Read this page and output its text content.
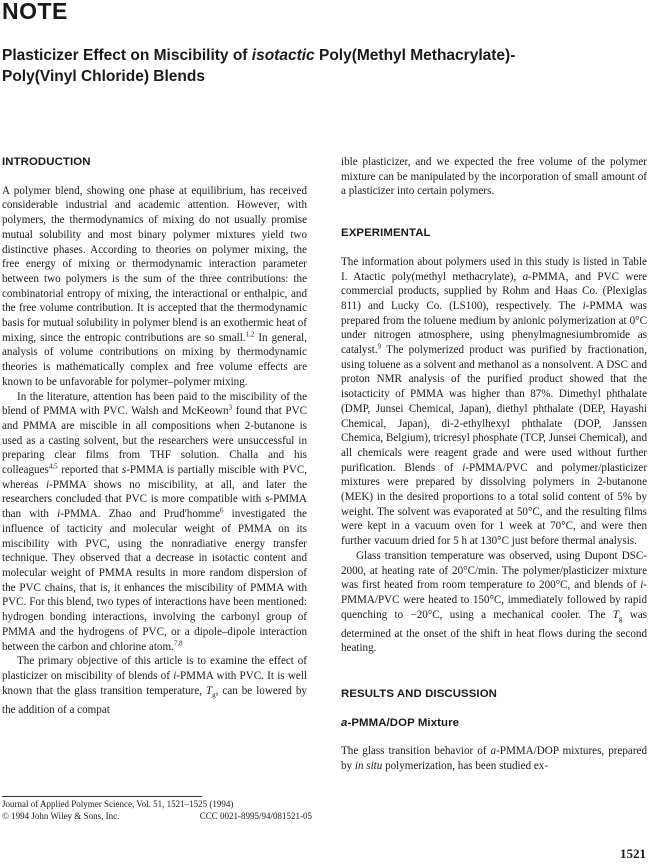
NOTE
Plasticizer Effect on Miscibility of isotactic Poly(Methyl Methacrylate)-
Poly(Vinyl Chloride) Blends
INTRODUCTION

A polymer blend, showing one phase at equilibrium, has received considerable industrial and academic attention. However, with polymers, the thermodynamics of mixing do not usually promise mutual solubility and most binary polymer mixtures yield two distinctive phases. According to theories on polymer mixing, the free energy of mixing or thermodynamic interaction parameter between two polymers is the sum of the three contributions: the combinatorial entropy of mixing, the interactional or enthalpic, and the free volume contribution. It is accepted that the thermodynamic basis for mutual solubility in polymer blend is an exothermic heat of mixing, since the entropic contributions are so small.$^{1,2}$ In general, analysis of volume contributions on mixing by thermodynamic theories is mathematically complex and free volume effects are known to be unfavorable for polymer–polymer mixing.

In the literature, attention has been paid to the miscibility of the blend of PMMA with PVC. Walsh and McKeown$^3$ found that PVC and PMMA are miscible in all compositions when 2-butanone is used as a casting solvent, but the researchers were unsuccessful in preparing clear films from THF solution. Challa and his colleagues$^{4,5}$ reported that s-PMMA is partially miscible with PVC, whereas i-PMMA shows no miscibility, at all, and later the researchers concluded that PVC is more compatible with s-PMMA than with i-PMMA. Zhao and Prud'homme$^6$ investigated the influence of tacticity and molecular weight of PMMA on its miscibility with PVC, using the nonradiative energy transfer technique. They observed that a decrease in isotactic content and molecular weight of PMMA results in more random dispersion of the PVC chains, that is, it enhances the miscibility of PMMA with PVC. For this blend, two types of interactions have been mentioned: hydrogen bonding interactions, involving the carbonyl group of PMMA and the hydrogens of PVC, or a dipole–dipole interaction between the carbon and chlorine atom.$^{7,8}$

The primary objective of this article is to examine the effect of plasticizer on miscibility of blends of i-PMMA with PVC. It is well known that the glass transition temperature, $T_g$, can be lowered by the addition of a compat

ible plasticizer, and we expected the free volume of the polymer mixture can be manipulated by the incorporation of small amount of a plasticizer into certain polymers.

EXPERIMENTAL

The information about polymers used in this study is listed in Table I. Atactic poly(methyl methacrylate), a-PMMA, and PVC were commercial products, supplied by Rohm and Haas Co. (Plexiglas 811) and Lucky Co. (LS100), respectively. The i-PMMA was prepared from the toluene medium by anionic polymerization at 0°C under nitrogen atmosphere, using phenylmagnesiumbromide as catalyst.$^9$ The polymerized product was purified by fractionation, using toluene as a solvent and methanol as a nonsolvent. A DSC and proton NMR analysis of the purified product showed that the isotacticity of PMMA was higher than 87%. Dimethyl phthalate (DMP, Junsei Chemical, Japan), diethyl phthalate (DEP, Hayashi Chemical, Japan), di-2-ethylhexyl phthalate (DOP, Janssen Chemica, Belgium), tricresyl phosphate (TCP, Junsei Chemical), and all chemicals were reagent grade and were used without further purification. Blends of i-PMMA/PVC and polymer/plasticizer mixtures were prepared by dissolving polymers in 2-butanone (MEK) in the desired proportions to a total solid content of 5% by weight. The solvent was evaporated at 50°C, and the resulting films were kept in a vacuum oven for 1 week at 70°C, and were then further vacuum dried for 5 h at 130°C just before thermal analysis.

Glass transition temperature was observed, using Dupont DSC-2000, at heating rate of 20°C/min. The polymer/plasticizer mixture was first heated from room temperature to 200°C, and blends of i-PMMA/PVC were heated to 150°C, immediately followed by rapid quenching to −20°C, using a mechanical cooler. The $T_g$ was determined at the onset of the shift in heat flows during the second heating.

RESULTS AND DISCUSSION
a-PMMA/DOP Mixture

The glass transition behavior of a-PMMA/DOP mixtures, prepared by in situ polymerization, has been studied ex-

Journal of Applied Polymer Science, Vol. 51, 1521–1525 (1994)
© 1994 John Wiley & Sons, Inc.	CCC 0021-8995/94/081521-05
1521
